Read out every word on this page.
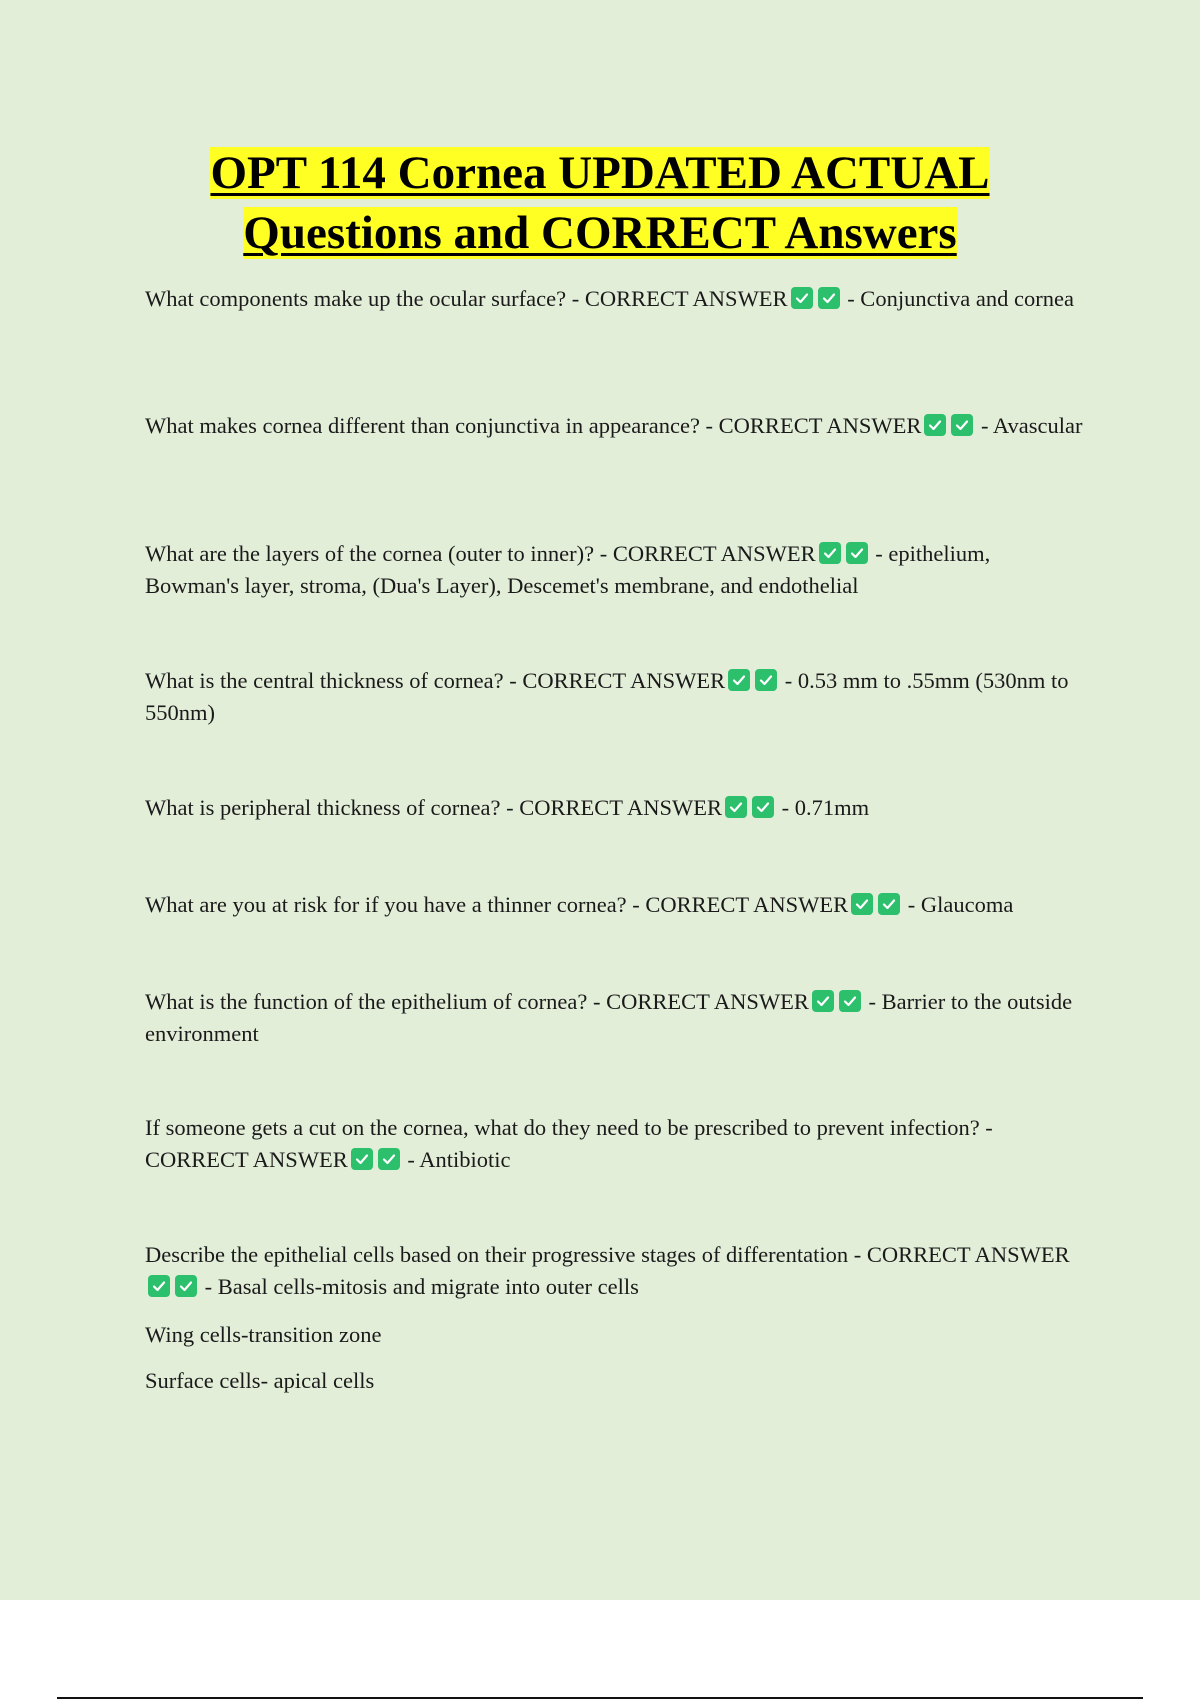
OPT 114 Cornea UPDATED ACTUAL
Questions and CORRECT Answers
What components make up the ocular surface? - CORRECT ANSWER	- Conjunctiva and cornea
What makes cornea different than conjunctiva in appearance? - CORRECT ANSWER	- Avascular
What are the layers of the cornea (outer to inner)? - CORRECT ANSWER	- epithelium, Bowman's layer, stroma, (Dua's Layer), Descemet's membrane, and endothelial
What is the central thickness of cornea? - CORRECT ANSWER	- 0.53 mm to .55mm (530nm to 550nm)
What is peripheral thickness of cornea? - CORRECT ANSWER	- 0.71mm
What are you at risk for if you have a thinner cornea? - CORRECT ANSWER	- Glaucoma
What is the function of the epithelium of cornea? - CORRECT ANSWER	- Barrier to the outside environment
If someone gets a cut on the cornea, what do they need to be prescribed to prevent infection? - CORRECT ANSWER	- Antibiotic
Describe the epithelial cells based on their progressive stages of differentation - CORRECT ANSWER
- Basal cells-mitosis and migrate into outer cells
Wing cells-transition zone
Surface cells- apical cells
